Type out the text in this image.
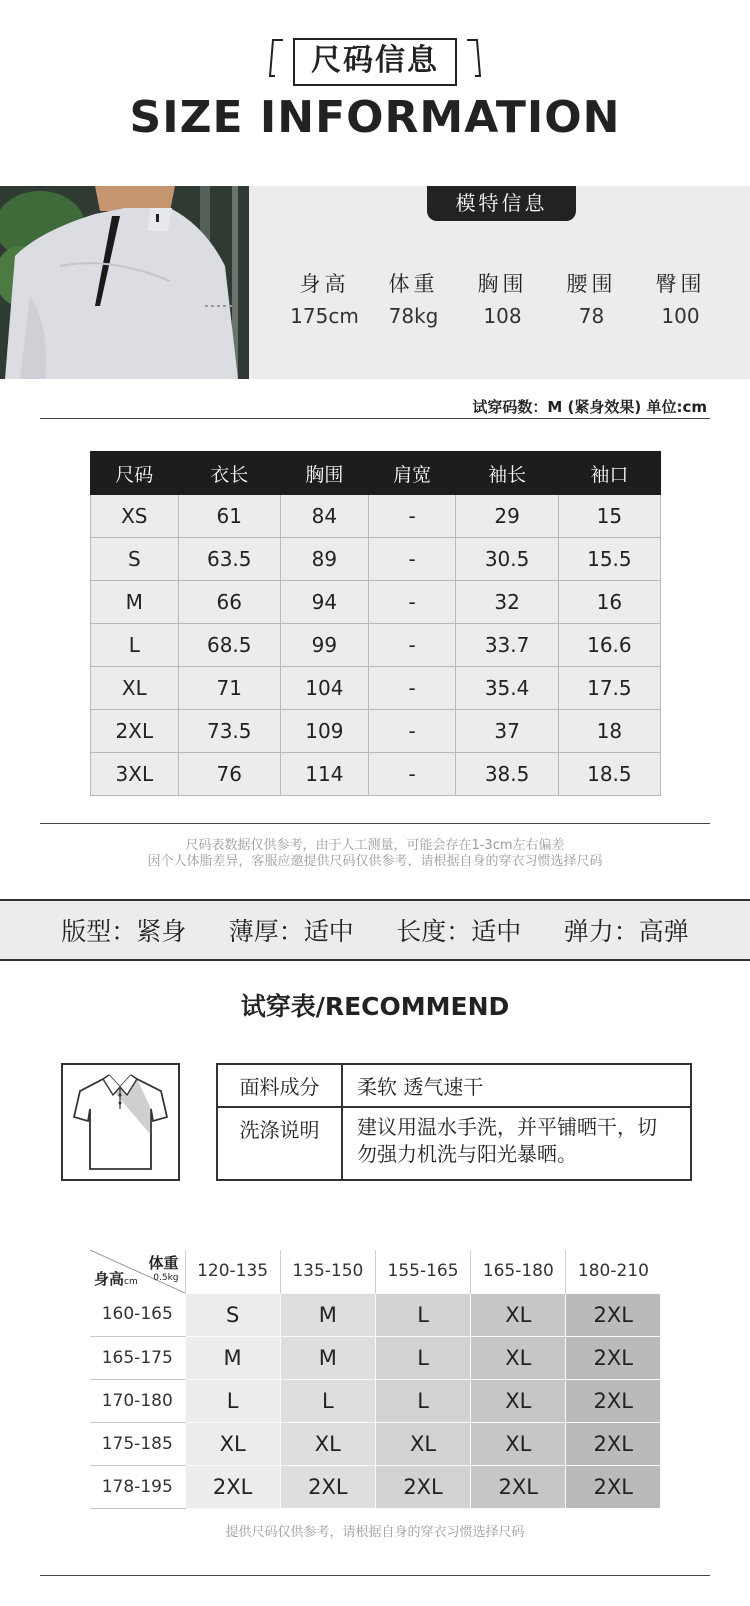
尺码信息
SIZE INFORMATION
模特信息
身高
175cm
体重
78kg
胸围
108
腰围
78
臀围
100
试穿码数：M (紧身效果) 单位:cm
尺码	衣长	胸围	肩宽	袖长	袖口
XS	61	84	-	29	15
S	63.5	89	-	30.5	15.5
M	66	94	-	32	16
L	68.5	99	-	33.7	16.6
XL	71	104	-	35.4	17.5
2XL	73.5	109	-	37	18
3XL	76	114	-	38.5	18.5
尺码表数据仅供参考，由于人工测量，可能会存在1-3cm左右偏差
因个人体脂差异，客服应邀提供尺码仅供参考，请根据自身的穿衣习惯选择尺码
版型：紧身 薄厚：适中 长度：适中 弹力：高弹
试穿表/RECOMMEND
面料成分	柔软 透气速干
洗涤说明	建议用温水手洗，并平铺晒干，切勿强力机洗与阳光暴晒。
体重
0.5kg
身高cm	120-135	135-150	155-165	165-180	180-210
160-165	S	M	L	XL	2XL
165-175	M	M	L	XL	2XL
170-180	L	L	L	XL	2XL
175-185	XL	XL	XL	XL	2XL
178-195	2XL	2XL	2XL	2XL	2XL
提供尺码仅供参考，请根据自身的穿衣习惯选择尺码
